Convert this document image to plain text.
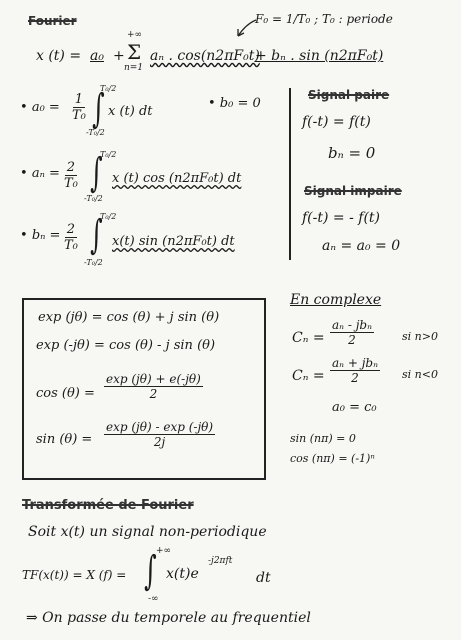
Fourier	F₀ = 1/T₀ ; T₀ : periode
x (t) = a₀ +
+∞
Σ
n=1
aₙ . cos(n2πF₀t)
+ bₙ . sin (n2πF₀t)
• $a_0 = \frac{1}{\text{T₀}}$ ∫
T₀/2
-T₀/2
x (t) dt
• b₀ = 0
• $a_n = \frac{2}{\text{T₀}}$ ∫
T₀/2
-T₀/2
x (t) cos (n2πF₀t) dt
• $b_n = \frac{2}{\text{T₀}}$ ∫
T₀/2
-T₀/2
x(t) sin (n2πF₀t) dt
Signal paire
f(-t) = f(t)
bₙ = 0
Signal impaire
f(-t) = - f(t)
aₙ = a₀ = 0
exp (jθ) = cos (θ) + j sin (θ)
exp (-jθ) = cos (θ) - j sin (θ)
$\cos (\theta) = \frac{\exp (j\theta) + e(-j\theta)}{2}$
$\sin (\theta) = \frac{\exp (j\theta) - \exp (-j\theta)}{2j}$
En complexe
$C_n = \frac{\text{aₙ - jbₙ}}{2}$	si n>0
$C_n = \frac{\text{aₙ + jbₙ}}{2}$ si n<0
a₀ = c₀
sin (nπ) = 0
cos (nπ) = (-1)ⁿ
Transformée de Fourier
Soit x(t) un signal non-periodique
TF(x(t)) = X (f) = ∫ +∞
-∞
x(t)e
-j2πft
dt
⇒ On passe du temporele au frequentiel
